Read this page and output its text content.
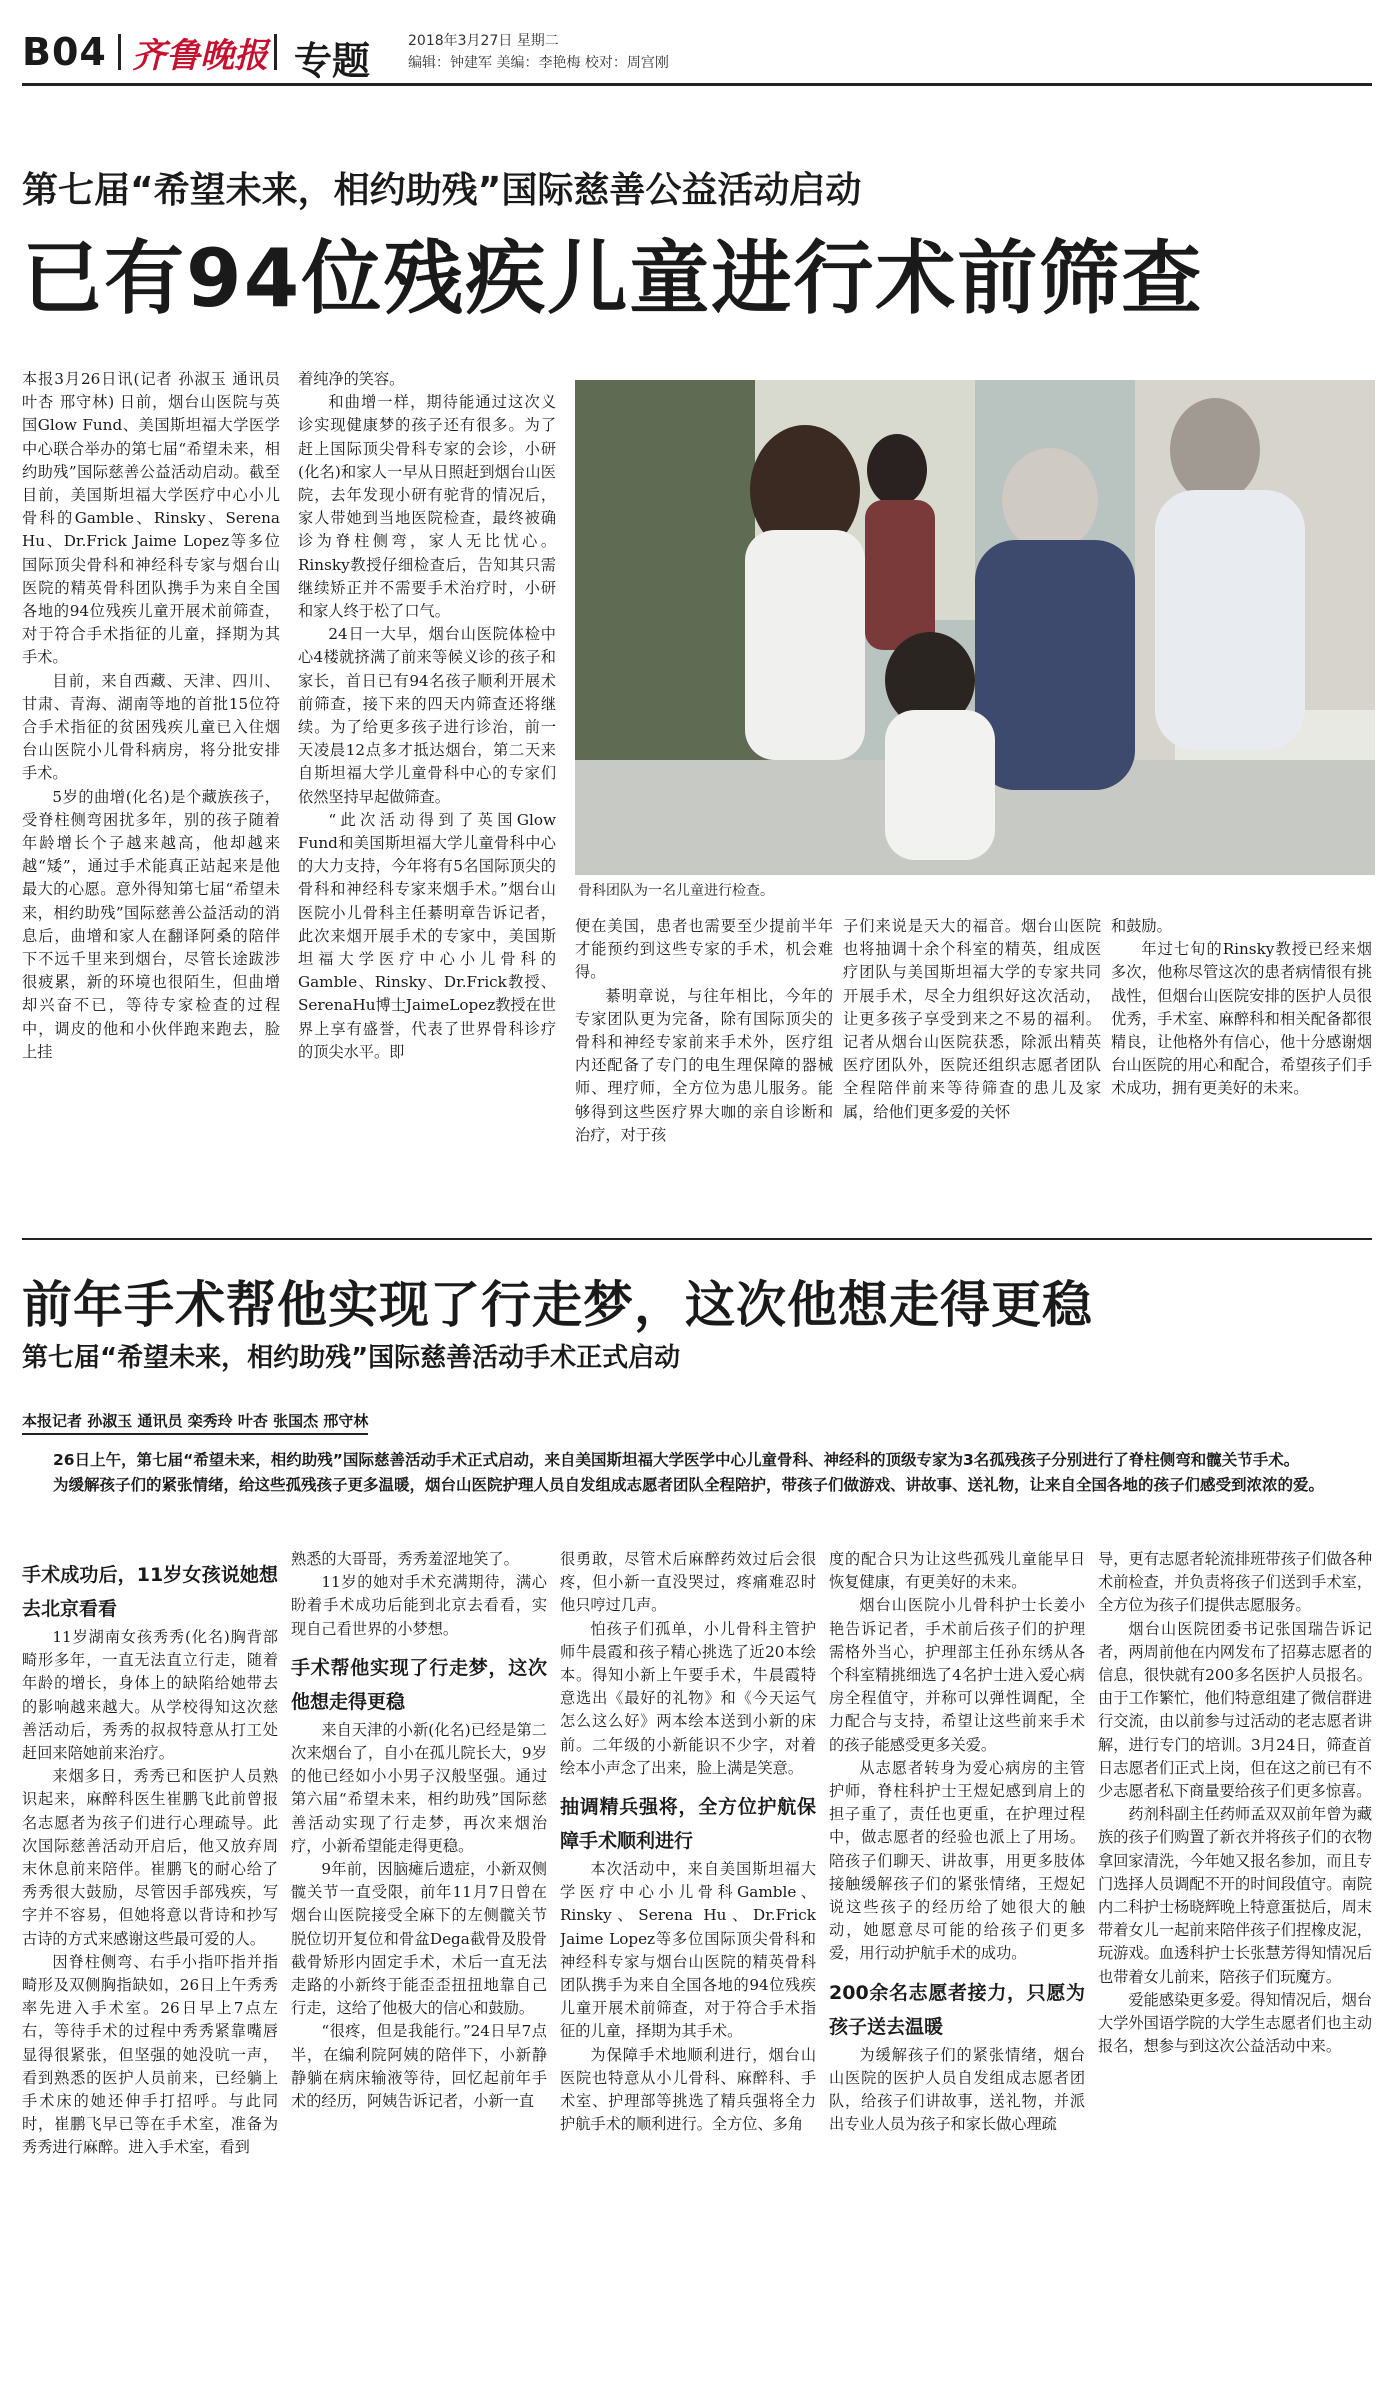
B04 齐鲁晚报 专题	2018年3月27日 星期二
编辑：钟建军 美编：李艳梅 校对：周宫刚
第七届“希望未来，相约助残”国际慈善公益活动启动
已有94位残疾儿童进行术前筛查

本报3月26日讯(记者 孙淑玉 通讯员 叶杏 邢守林) 日前，烟台山医院与英国Glow Fund、美国斯坦福大学医学中心联合举办的第七届“希望未来，相约助残”国际慈善公益活动启动。截至目前，美国斯坦福大学医疗中心小儿骨科的Gamble、Rinsky、Serena Hu、Dr.Frick Jaime Lopez等多位国际顶尖骨科和神经科专家与烟台山医院的精英骨科团队携手为来自全国各地的94位残疾儿童开展术前筛查，对于符合手术指征的儿童，择期为其手术。

目前，来自西藏、天津、四川、甘肃、青海、湖南等地的首批15位符合手术指征的贫困残疾儿童已入住烟台山医院小儿骨科病房，将分批安排手术。

5岁的曲增(化名)是个藏族孩子，受脊柱侧弯困扰多年，别的孩子随着年龄增长个子越来越高，他却越来越“矮”，通过手术能真正站起来是他最大的心愿。意外得知第七届“希望未来，相约助残”国际慈善公益活动的消息后，曲增和家人在翻译阿桑的陪伴下不远千里来到烟台，尽管长途跋涉很疲累，新的环境也很陌生，但曲增却兴奋不已，等待专家检查的过程中，调皮的他和小伙伴跑来跑去，脸上挂

着纯净的笑容。

和曲增一样，期待能通过这次义诊实现健康梦的孩子还有很多。为了赶上国际顶尖骨科专家的会诊，小研(化名)和家人一早从日照赶到烟台山医院，去年发现小研有驼背的情况后，家人带她到当地医院检查，最终被确诊为脊柱侧弯，家人无比忧心。Rinsky教授仔细检查后，告知其只需继续矫正并不需要手术治疗时，小研和家人终于松了口气。

24日一大早，烟台山医院体检中心4楼就挤满了前来等候义诊的孩子和家长，首日已有94名孩子顺利开展术前筛查，接下来的四天内筛查还将继续。为了给更多孩子进行诊治，前一天凌晨12点多才抵达烟台，第二天来自斯坦福大学儿童骨科中心的专家们依然坚持早起做筛查。

“此次活动得到了英国Glow Fund和美国斯坦福大学儿童骨科中心的大力支持，今年将有5名国际顶尖的骨科和神经科专家来烟手术。”烟台山医院小儿骨科主任綦明章告诉记者，此次来烟开展手术的专家中，美国斯坦福大学医疗中心小儿骨科的Gamble、Rinsky、Dr.Frick教授、SerenaHu博士JaimeLopez教授在世界上享有盛誉，代表了世界骨科诊疗的顶尖水平。即

骨科团队为一名儿童进行检查。

便在美国，患者也需要至少提前半年才能预约到这些专家的手术，机会难得。

綦明章说，与往年相比，今年的专家团队更为完备，除有国际顶尖的骨科和神经专家前来手术外，医疗组内还配备了专门的电生理保障的器械师、理疗师，全方位为患儿服务。能够得到这些医疗界大咖的亲自诊断和治疗，对于孩

子们来说是天大的福音。烟台山医院也将抽调十余个科室的精英，组成医疗团队与美国斯坦福大学的专家共同开展手术，尽全力组织好这次活动，让更多孩子享受到来之不易的福利。记者从烟台山医院获悉，除派出精英医疗团队外，医院还组织志愿者团队全程陪伴前来等待筛查的患儿及家属，给他们更多爱的关怀

和鼓励。

年过七旬的Rinsky教授已经来烟多次，他称尽管这次的患者病情很有挑战性，但烟台山医院安排的医护人员很优秀，手术室、麻醉科和相关配备都很精良，让他格外有信心，他十分感谢烟台山医院的用心和配合，希望孩子们手术成功，拥有更美好的未来。

前年手术帮他实现了行走梦，这次他想走得更稳
第七届“希望未来，相约助残”国际慈善活动手术正式启动
本报记者 孙淑玉 通讯员 栾秀玲 叶杏 张国杰 邢守林

26日上午，第七届“希望未来，相约助残”国际慈善活动手术正式启动，来自美国斯坦福大学医学中心儿童骨科、神经科的顶级专家为3名孤残孩子分别进行了脊柱侧弯和髋关节手术。

为缓解孩子们的紧张情绪，给这些孤残孩子更多温暖，烟台山医院护理人员自发组成志愿者团队全程陪护，带孩子们做游戏、讲故事、送礼物，让来自全国各地的孩子们感受到浓浓的爱。

手术成功后，11岁女孩说她想去北京看看

11岁湖南女孩秀秀(化名)胸背部畸形多年，一直无法直立行走，随着年龄的增长，身体上的缺陷给她带去的影响越来越大。从学校得知这次慈善活动后，秀秀的叔叔特意从打工处赶回来陪她前来治疗。

来烟多日，秀秀已和医护人员熟识起来，麻醉科医生崔鹏飞此前曾报名志愿者为孩子们进行心理疏导。此次国际慈善活动开启后，他又放弃周末休息前来陪伴。崔鹏飞的耐心给了秀秀很大鼓励，尽管因手部残疾，写字并不容易，但她将意以背诗和抄写古诗的方式来感谢这些最可爱的人。

因脊柱侧弯、右手小指吓指并指畸形及双侧胸指缺如，26日上午秀秀率先进入手术室。26日早上7点左右，等待手术的过程中秀秀紧靠嘴唇显得很紧张，但坚强的她没吭一声，看到熟悉的医护人员前来，已经躺上手术床的她还伸手打招呼。与此同时，崔鹏飞早已等在手术室，准备为秀秀进行麻醉。进入手术室，看到

熟悉的大哥哥，秀秀羞涩地笑了。

11岁的她对手术充满期待，满心盼着手术成功后能到北京去看看，实现自己看世界的小梦想。

手术帮他实现了行走梦，这次他想走得更稳

来自天津的小新(化名)已经是第二次来烟台了，自小在孤儿院长大，9岁的他已经如小小男子汉般坚强。通过第六届“希望未来，相约助残”国际慈善活动实现了行走梦，再次来烟治疗，小新希望能走得更稳。

9年前，因脑瘫后遗症，小新双侧髋关节一直受限，前年11月7日曾在烟台山医院接受全麻下的左侧髋关节脱位切开复位和骨盆Dega截骨及股骨截骨矫形内固定手术，术后一直无法走路的小新终于能歪歪扭扭地靠自己行走，这给了他极大的信心和鼓励。

“很疼，但是我能行。”24日早7点半，在编利院阿姨的陪伴下，小新静静躺在病床输液等待，回忆起前年手术的经历，阿姨告诉记者，小新一直

很勇敢，尽管术后麻醉药效过后会很疼，但小新一直没哭过，疼痛难忍时他只哼过几声。

怕孩子们孤单，小儿骨科主管护师牛晨霞和孩子精心挑选了近20本绘本。得知小新上午要手术，牛晨霞特意选出《最好的礼物》和《今天运气怎么这么好》两本绘本送到小新的床前。二年级的小新能识不少字，对着绘本小声念了出来，脸上满是笑意。

抽调精兵强将，全方位护航保障手术顺利进行

本次活动中，来自美国斯坦福大学医疗中心小儿骨科Gamble、Rinsky、Serena Hu、Dr.Frick Jaime Lopez等多位国际顶尖骨科和神经科专家与烟台山医院的精英骨科团队携手为来自全国各地的94位残疾儿童开展术前筛查，对于符合手术指征的儿童，择期为其手术。

为保障手术地顺利进行，烟台山医院也特意从小儿骨科、麻醉科、手术室、护理部等挑选了精兵强将全力护航手术的顺利进行。全方位、多角

度的配合只为让这些孤残儿童能早日恢复健康，有更美好的未来。

烟台山医院小儿骨科护士长姜小艳告诉记者，手术前后孩子们的护理需格外当心，护理部主任孙东绣从各个科室精挑细选了4名护士进入爱心病房全程值守，并称可以弹性调配，全力配合与支持，希望让这些前来手术的孩子能感受更多关爱。

从志愿者转身为爱心病房的主管护师，脊柱科护士王煜妃感到肩上的担子重了，责任也更重，在护理过程中，做志愿者的经验也派上了用场。陪孩子们聊天、讲故事，用更多肢体接触缓解孩子们的紧张情绪，王煜妃说这些孩子的经历给了她很大的触动，她愿意尽可能的给孩子们更多爱，用行动护航手术的成功。

200余名志愿者接力，只愿为孩子送去温暖

为缓解孩子们的紧张情绪，烟台山医院的医护人员自发组成志愿者团队，给孩子们讲故事，送礼物，并派出专业人员为孩子和家长做心理疏

导，更有志愿者轮流排班带孩子们做各种术前检查，并负责将孩子们送到手术室，全方位为孩子们提供志愿服务。

烟台山医院团委书记张国瑞告诉记者，两周前他在内网发布了招募志愿者的信息，很快就有200多名医护人员报名。由于工作繁忙，他们特意组建了微信群进行交流，由以前参与过活动的老志愿者讲解，进行专门的培训。3月24日，筛查首日志愿者们正式上岗，但在这之前已有不少志愿者私下商量要给孩子们更多惊喜。

药剂科副主任药师孟双双前年曾为藏族的孩子们购置了新衣并将孩子们的衣物拿回家清洗，今年她又报名参加，而且专门选择人员调配不开的时间段值守。南院内二科护士杨晓辉晚上特意蛋挞后，周末带着女儿一起前来陪伴孩子们捏橡皮泥，玩游戏。血透科护士长张慧芳得知情况后也带着女儿前来，陪孩子们玩魔方。

爱能感染更多爱。得知情况后，烟台大学外国语学院的大学生志愿者们也主动报名，想参与到这次公益活动中来。
